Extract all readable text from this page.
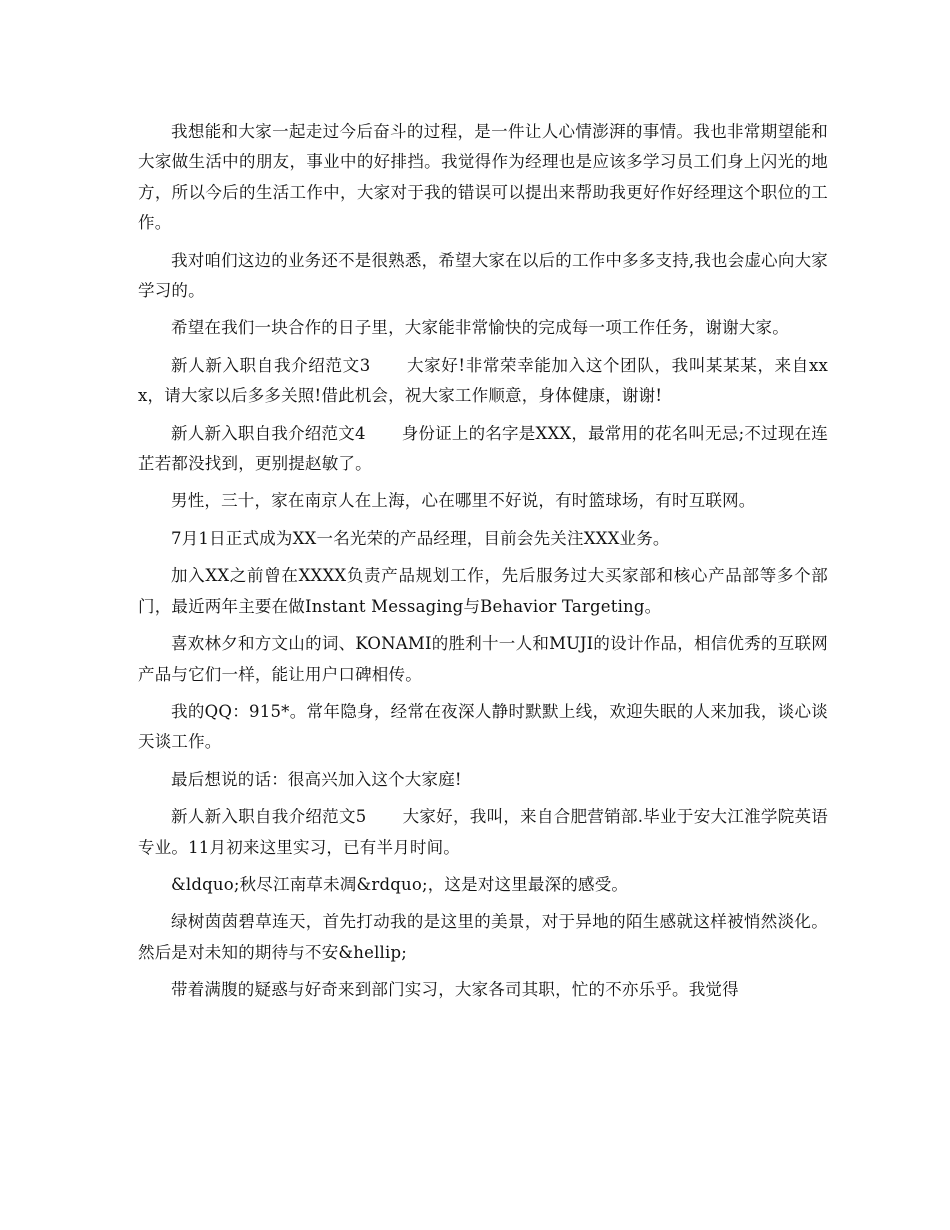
我想能和大家一起走过今后奋斗的过程，是一件让人心情澎湃的事情。我也非常期望能和大家做生活中的朋友，事业中的好排挡。我觉得作为经理也是应该多学习员工们身上闪光的地方，所以今后的生活工作中，大家对于我的错误可以提出来帮助我更好作好经理这个职位的工作。

我对咱们这边的业务还不是很熟悉，希望大家在以后的工作中多多支持,我也会虚心向大家学习的。

希望在我们一块合作的日子里，大家能非常愉快的完成每一项工作任务，谢谢大家。

新人新入职自我介绍范文3 大家好!非常荣幸能加入这个团队，我叫某某某，来自xxx，请大家以后多多关照!借此机会，祝大家工作顺意，身体健康，谢谢!

新人新入职自我介绍范文4 身份证上的名字是XXX，最常用的花名叫无忌;不过现在连芷若都没找到，更别提赵敏了。

男性，三十，家在南京人在上海，心在哪里不好说，有时篮球场，有时互联网。

7月1日正式成为XX一名光荣的产品经理，目前会先关注XXX业务。

加入XX之前曾在XXXX负责产品规划工作，先后服务过大买家部和核心产品部等多个部门，最近两年主要在做Instant Messaging与Behavior Targeting。

喜欢林夕和方文山的词、KONAMI的胜利十一人和MUJI的设计作品，相信优秀的互联网产品与它们一样，能让用户口碑相传。

我的QQ：915*。常年隐身，经常在夜深人静时默默上线，欢迎失眠的人来加我，谈心谈天谈工作。

最后想说的话：很高兴加入这个大家庭!

新人新入职自我介绍范文5 大家好，我叫，来自合肥营销部.毕业于安大江淮学院英语专业。11月初来这里实习，已有半月时间。

&ldquo;秋尽江南草未凋&rdquo;，这是对这里最深的感受。

绿树茵茵碧草连天，首先打动我的是这里的美景，对于异地的陌生感就这样被悄然淡化。然后是对未知的期待与不安&hellip;

带着满腹的疑惑与好奇来到部门实习，大家各司其职，忙的不亦乐乎。我觉得
